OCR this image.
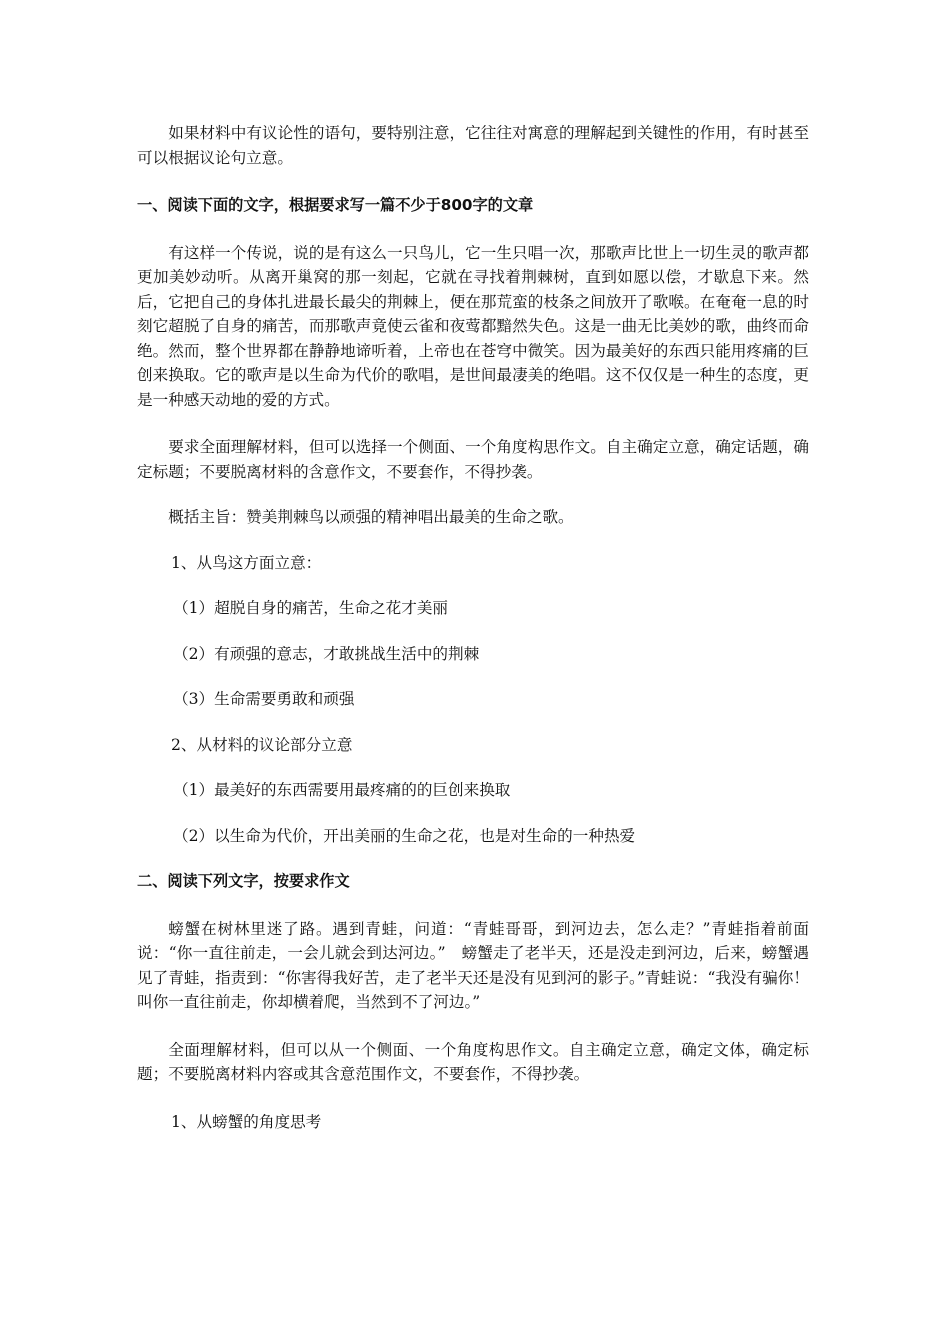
如果材料中有议论性的语句，要特别注意，它往往对寓意的理解起到关键性的作用，有时甚至可以根据议论句立意。

一、阅读下面的文字，根据要求写一篇不少于800字的文章

有这样一个传说，说的是有这么一只鸟儿，它一生只唱一次，那歌声比世上一切生灵的歌声都更加美妙动听。从离开巢窝的那一刻起，它就在寻找着荆棘树，直到如愿以偿，才歇息下来。然后，它把自己的身体扎进最长最尖的荆棘上，便在那荒蛮的枝条之间放开了歌喉。在奄奄一息的时刻它超脱了自身的痛苦，而那歌声竟使云雀和夜莺都黯然失色。这是一曲无比美妙的歌，曲终而命绝。然而，整个世界都在静静地谛听着，上帝也在苍穹中微笑。因为最美好的东西只能用疼痛的巨创来换取。它的歌声是以生命为代价的歌唱，是世间最凄美的绝唱。这不仅仅是一种生的态度，更是一种感天动地的爱的方式。

要求全面理解材料，但可以选择一个侧面、一个角度构思作文。自主确定立意，确定话题，确定标题；不要脱离材料的含意作文，不要套作，不得抄袭。

概括主旨：赞美荆棘鸟以顽强的精神唱出最美的生命之歌。

1、从鸟这方面立意：

（1）超脱自身的痛苦，生命之花才美丽

（2）有顽强的意志，才敢挑战生活中的荆棘

（3）生命需要勇敢和顽强

2、从材料的议论部分立意

（1）最美好的东西需要用最疼痛的的巨创来换取

（2）以生命为代价，开出美丽的生命之花，也是对生命的一种热爱

二、阅读下列文字，按要求作文

螃蟹在树林里迷了路。遇到青蛙，问道：“青蛙哥哥，到河边去，怎么走？”青蛙指着前面说：“你一直往前走，一会儿就会到达河边。”　螃蟹走了老半天，还是没走到河边，后来，螃蟹遇见了青蛙，指责到：“你害得我好苦，走了老半天还是没有见到河的影子。”青蛙说：“我没有骗你！叫你一直往前走，你却横着爬，当然到不了河边。”

全面理解材料，但可以从一个侧面、一个角度构思作文。自主确定立意，确定文体，确定标题；不要脱离材料内容或其含意范围作文，不要套作，不得抄袭。

1、从螃蟹的角度思考
